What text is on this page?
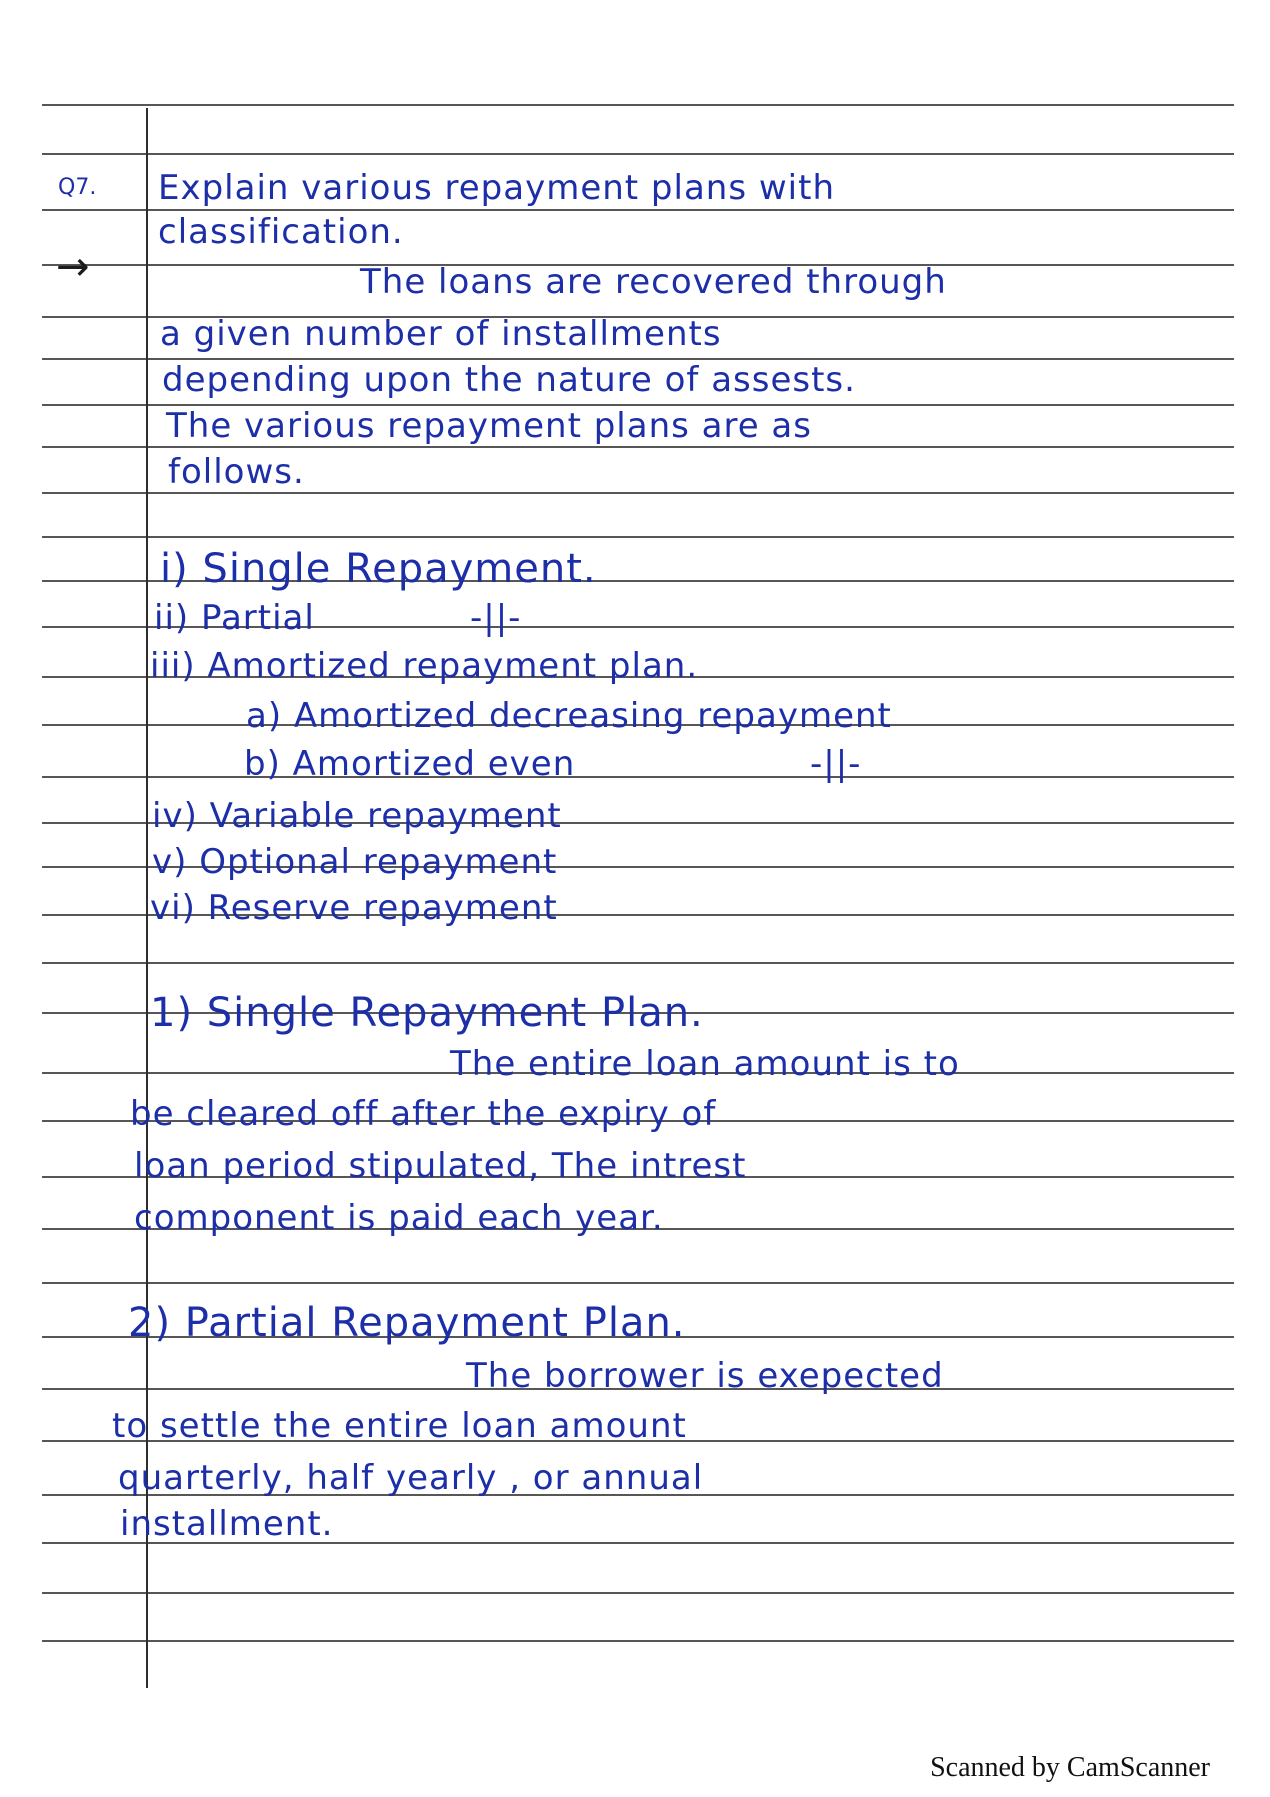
Q7. Explain various repayment plans with
classification.
→	The loans are recovered through
a given number of installments
depending upon the nature of assests.
The various repayment plans are as
follows.
i) Single Repayment.
ii) Partial	-||-
iii) Amortized repayment plan.
a) Amortized decreasing repayment
b) Amortized even	-||-
iv) Variable repayment
v) Optional repayment
vi) Reserve repayment
1) Single Repayment Plan.
The entire loan amount is to
be cleared off after the expiry of
loan period stipulated, The intrest
component is paid each year.
2) Partial Repayment Plan.
The borrower is exepected
to settle the entire loan amount
quarterly, half yearly , or annual
installment.
Scanned by CamScanner
